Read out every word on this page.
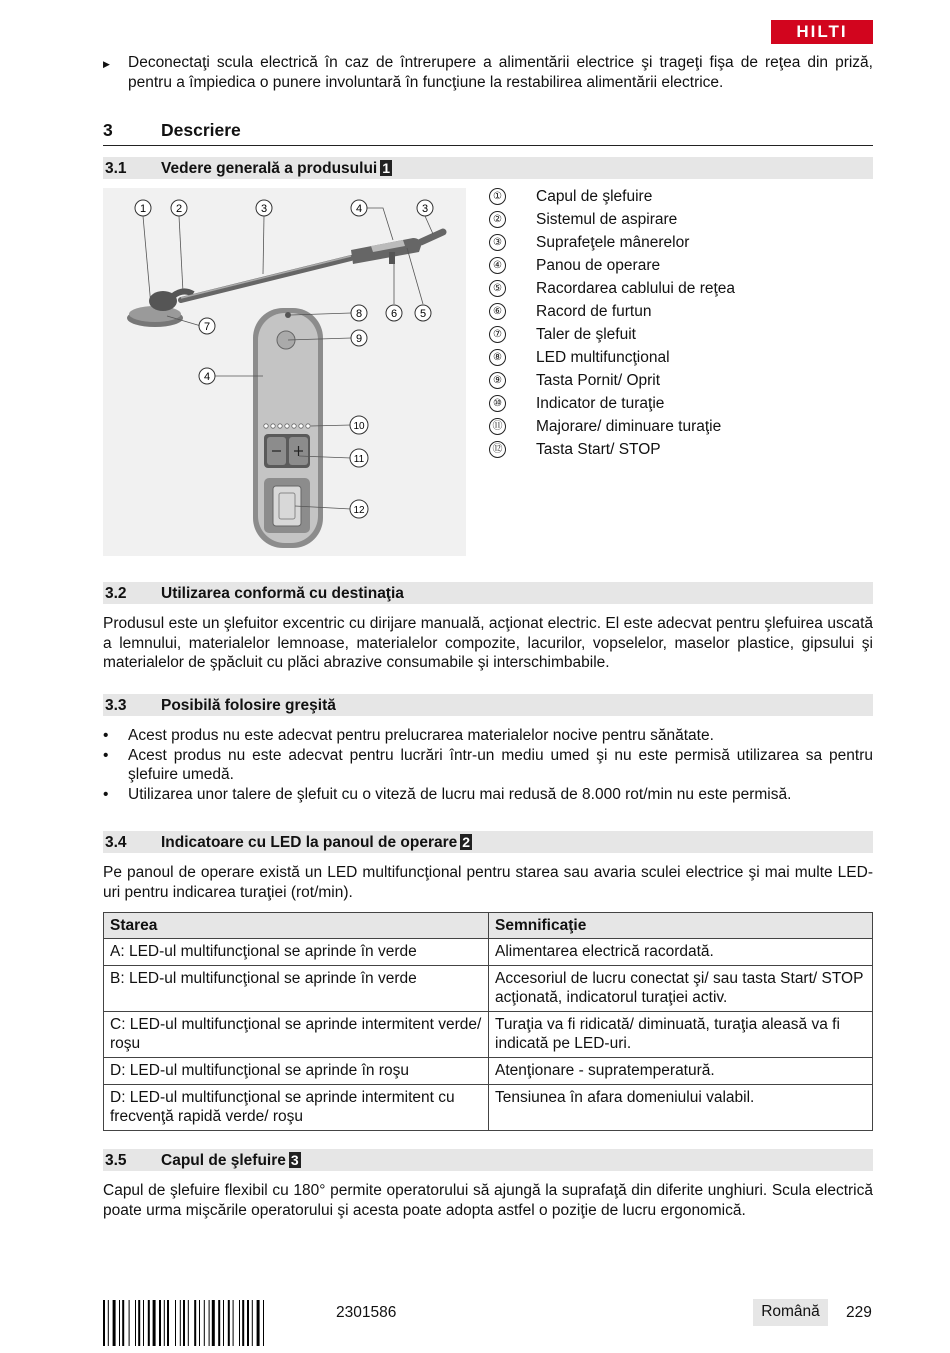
HILTI
▶ Deconectaţi scula electrică în caz de întrerupere a alimentării electrice şi trageţi fişa de reţea din priză, pentru a împiedica o punere involuntară în funcţiune la restabilirea alimentării electrice.

3	Descriere
3.1 Vedere generală a produsului 1
1	2	3	4	3
7
8	6 5
9
4
10
11
12
① Capul de şlefuire
② Sistemul de aspirare
③ Suprafeţele mânerelor
④ Panou de operare
⑤ Racordarea cablului de reţea
⑥ Racord de furtun
⑦ Taler de şlefuit
⑧ LED multifuncţional
⑨ Tasta Pornit/ Oprit
⑩ Indicator de turaţie
⑪ Majorare/ diminuare turaţie
⑫ Tasta Start/ STOP
3.2 Utilizarea conformă cu destinaţia

Produsul este un şlefuitor excentric cu dirijare manuală, acţionat electric. El este adecvat pentru şlefuirea uscată a lemnului, materialelor lemnoase, materialelor compozite, lacurilor, vopselelor, maselor plastice, gipsului şi materialelor de şpăcluit cu plăci abrazive consumabile şi interschimbabile.

3.3 Posibilă folosire greşită
• Acest produs nu este adecvat pentru prelucrarea materialelor nocive pentru sănătate.
• Acest produs nu este adecvat pentru lucrări într-un mediu umed şi nu este permisă utilizarea sa pentru şlefuire umedă.
• Utilizarea unor talere de şlefuit cu o viteză de lucru mai redusă de 8.000 rot/min nu este permisă.
3.4 Indicatoare cu LED la panoul de operare 2

Pe panoul de operare există un LED multifuncţional pentru starea sau avaria sculei electrice şi mai multe LED-uri pentru indicarea turaţiei (rot/min).

Starea	Semnificaţie
A: LED-ul multifuncţional se aprinde în verde	Alimentarea electrică racordată.
B: LED-ul multifuncţional se aprinde în verde	Accesoriul de lucru conectat şi/ sau tasta Start/ STOP acţionată, indicatorul turaţiei activ.
C: LED-ul multifuncţional se aprinde intermitent verde/ roşu	Turaţia va fi ridicată/ diminuată, turaţia aleasă va fi indicată pe LED-uri.
D: LED-ul multifuncţional se aprinde în roşu	Atenţionare - supratemperatură.
D: LED-ul multifuncţional se aprinde intermitent cu frecvenţă rapidă verde/ roşu	Tensiunea în afara domeniului valabil.
3.5 Capul de şlefuire 3

Capul de şlefuire flexibil cu 180° permite operatorului să ajungă la suprafaţă din diferite unghiuri. Scula electrică poate urma mişcările operatorului şi acesta poate adopta astfel o poziţie de lucru ergonomică.

2301586	Română	229
